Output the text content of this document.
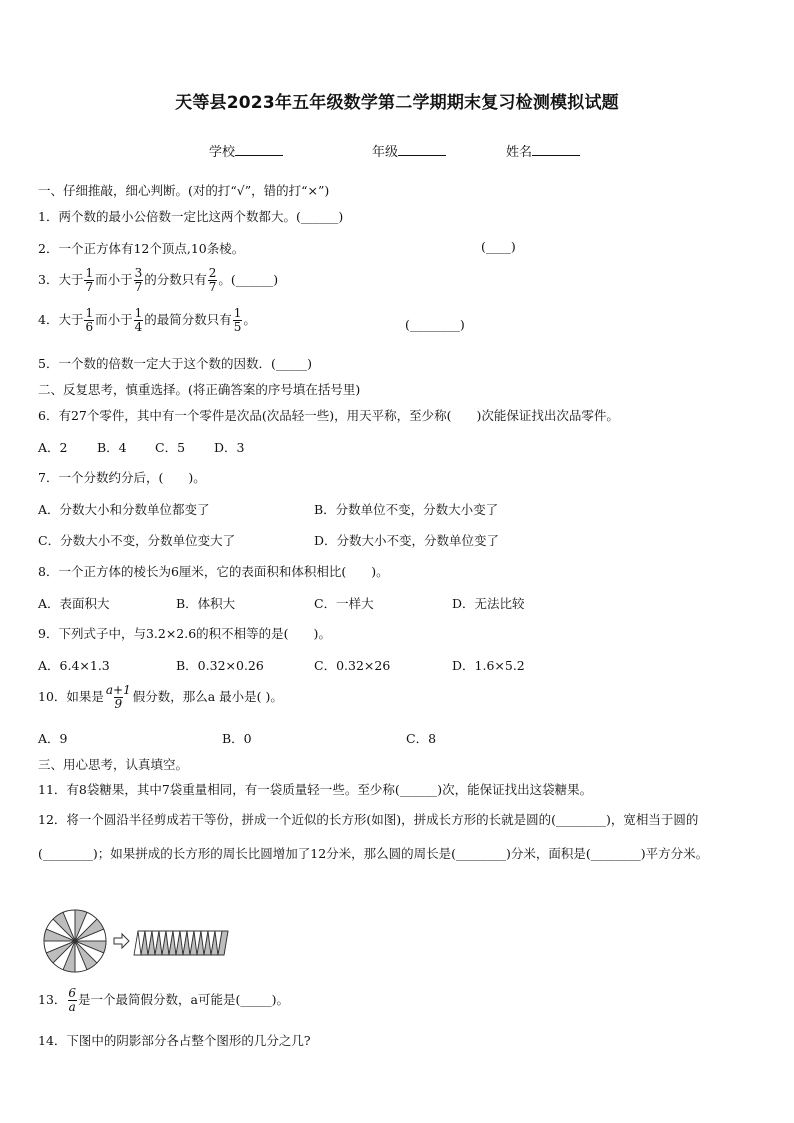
天等县2023年五年级数学第二学期期末复习检测模拟试题
学校	年级	姓名
一、仔细推敲，细心判断。(对的打“√”，错的打“×”)
1．两个数的最小公倍数一定比这两个数都大。(______)
2．一个正方体有12个顶点,10条棱。	(____)
3．大于 $\frac{1}{7}$ 而小于 $\frac{3}{7}$ 的分数只有 $\frac{2}{7}$ 。(______)
4．大于 $\frac{1}{6}$ 而小于 $\frac{1}{4}$ 的最简分数只有 $\frac{1}{5}$ 。	(________)
5．一个数的倍数一定大于这个数的因数．(_____)
二、反复思考，慎重选择。(将正确答案的序号填在括号里)
6．有27个零件，其中有一个零件是次品(次品轻一些)，用天平称，至少称(　　)次能保证找出次品零件。
A．2 B．4 C．5 D．3
7．一个分数约分后，(　　)。
A．分数大小和分数单位都变了	B．分数单位不变，分数大小变了
C．分数大小不变，分数单位变大了	D．分数大小不变，分数单位变了
8．一个正方体的棱长为6厘米，它的表面积和体积相比(　　)。
A．表面积大	B．体积大	C．一样大	D．无法比较
9．下列式子中，与3.2×2.6的积不相等的是(　　)。
A．6.4×1.3	B．0.32×0.26	C．0.32×26	D．1.6×5.2
10．如果是 $\frac{a+1}{9}$ 假分数，那么a 最小是( )。
A．9	B．0	C．8
三、用心思考，认真填空。
11．有8袋糖果，其中7袋重量相同，有一袋质量轻一些。至少称(______)次，能保证找出这袋糖果。
12．将一个圆沿半径剪成若干等份，拼成一个近似的长方形(如图)，拼成长方形的长就是圆的(________)，宽相当于圆的(________)；如果拼成的长方形的周长比圆增加了12分米，那么圆的周长是(________)分米，面积是(________)平方分米。
13． $\frac{6}{a}$ 是一个最简假分数，a可能是(_____)。
14．下图中的阴影部分各占整个图形的几分之几?
